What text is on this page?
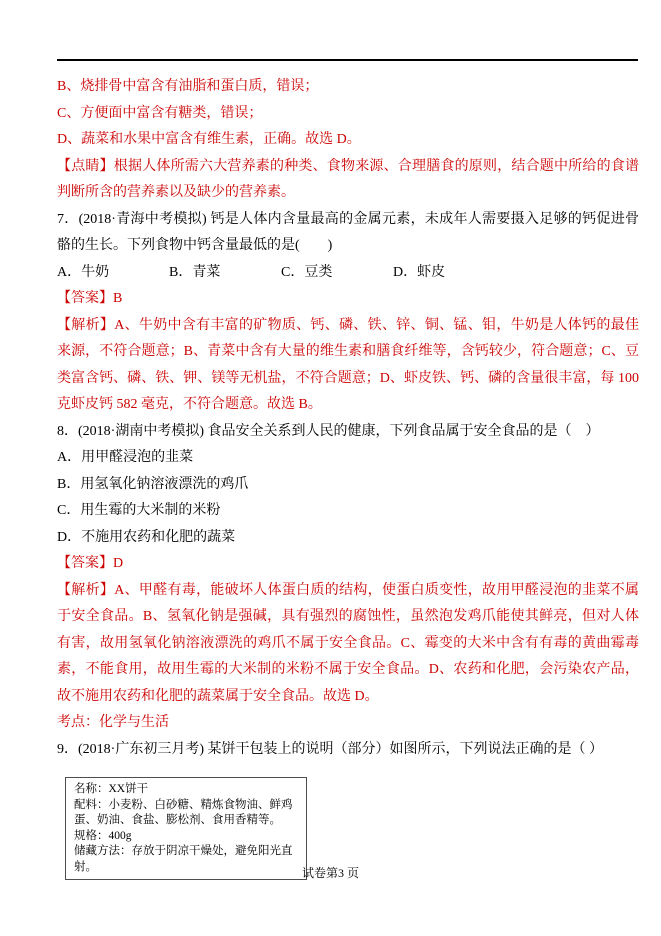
B、烧排骨中富含有油脂和蛋白质，错误；

C、方便面中富含有糖类，错误；

D、蔬菜和水果中富含有维生素，正确。故选 D。

【点睛】根据人体所需六大营养素的种类、食物来源、合理膳食的原则，结合题中所给的食谱判断所含的营养素以及缺少的营养素。

7．(2018·青海中考模拟) 钙是人体内含量最高的金属元素，未成年人需要摄入足够的钙促进骨骼的生长。下列食物中钙含量最低的是(　　)

A．牛奶	B．青菜	C．豆类	D．虾皮

【答案】B

【解析】A、牛奶中含有丰富的矿物质、钙、磷、铁、锌、铜、锰、钼，牛奶是人体钙的最佳来源，不符合题意；B、青菜中含有大量的维生素和膳食纤维等，含钙较少，符合题意；C、豆类富含钙、磷、铁、钾、镁等无机盐，不符合题意；D、虾皮铁、钙、磷的含量很丰富，每 100 克虾皮钙 582 毫克，不符合题意。故选 B。

8．(2018·湖南中考模拟) 食品安全关系到人民的健康，下列食品属于安全食品的是（　）

A．用甲醛浸泡的韭菜

B．用氢氧化钠溶液漂洗的鸡爪

C．用生霉的大米制的米粉

D．不施用农药和化肥的蔬菜

【答案】D

【解析】A、甲醛有毒，能破坏人体蛋白质的结构，使蛋白质变性，故用甲醛浸泡的韭菜不属于安全食品。B、氢氧化钠是强碱，具有强烈的腐蚀性，虽然泡发鸡爪能使其鲜亮，但对人体有害，故用氢氧化钠溶液漂洗的鸡爪不属于安全食品。C、霉变的大米中含有有毒的黄曲霉毒素，不能食用，故用生霉的大米制的米粉不属于安全食品。D、农药和化肥，会污染农产品，故不施用农药和化肥的蔬菜属于安全食品。故选 D。

考点：化学与生活

9．(2018·广东初三月考) 某饼干包装上的说明（部分）如图所示，下列说法正确的是（ ）

名称：XX饼干

配料：小麦粉、白砂糖、精炼食物油、鲜鸡蛋、奶油、食盐、膨松剂、食用香精等。

规格：400g

储藏方法：存放于阴凉干燥处，避免阳光直射。	试卷第3 页
